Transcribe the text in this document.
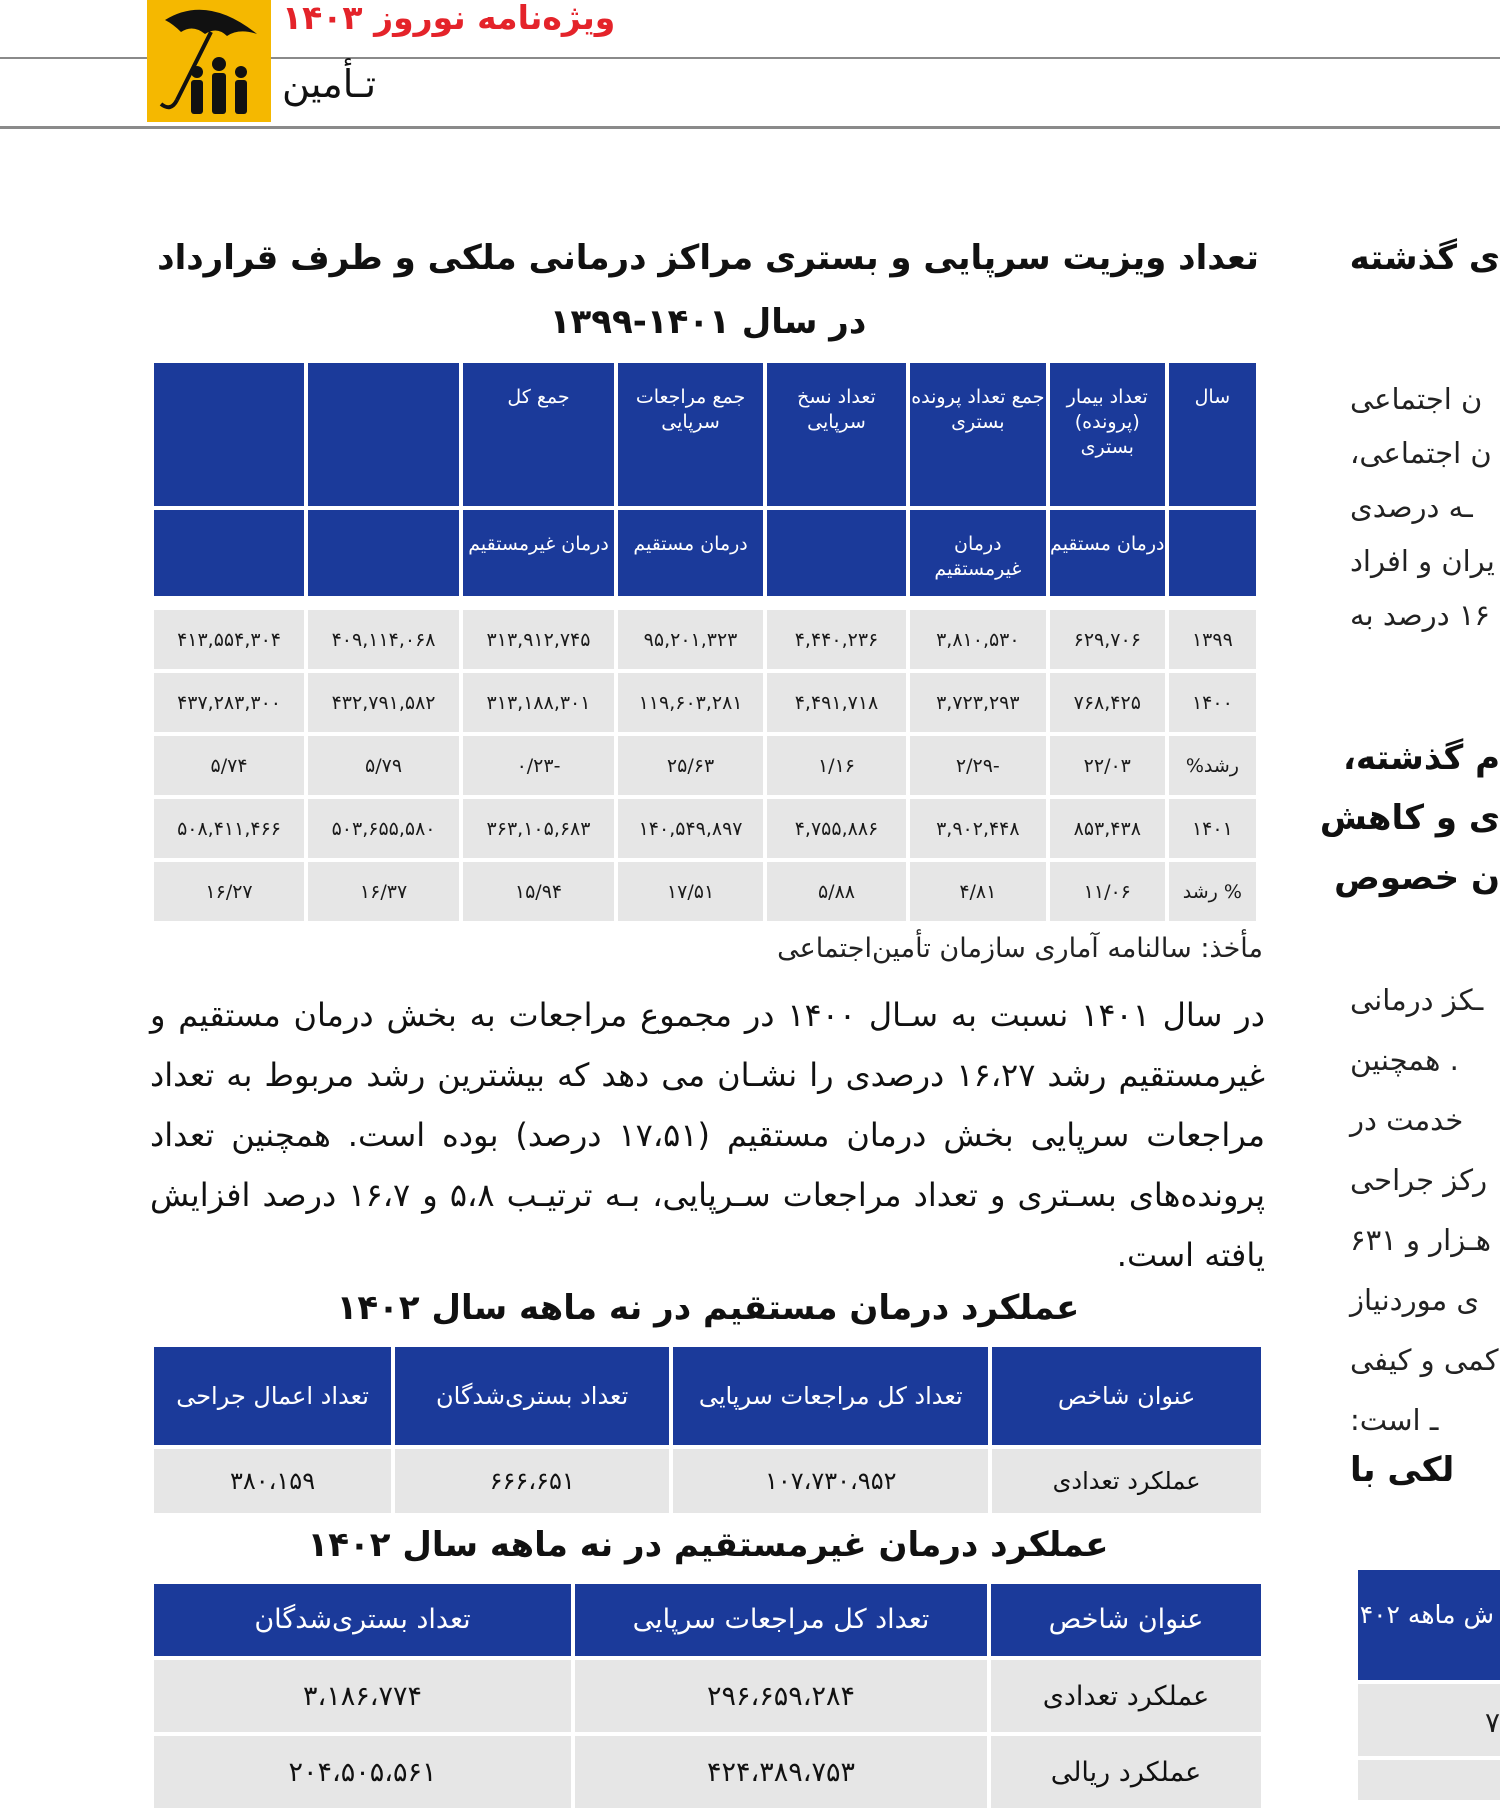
ویژه‌نامه نوروز ۱۴۰۳
تـأمین
ی گذشته
ن اجتماعی
ن اجتماعی،
ـه درصدی
یران و افراد
۱۶ درصد به
م گذشته،
ی و کاهش
ن خصوص
ـکز درمانی
. همچنین
خدمت در
رکز جراحی
هـزار و ۶۳۱
ی موردنیاز
کمی و کیفی
ـ است:
لکی با
ش ماهه ۱۴۰۲
۷
تعداد ویزیت سرپایی و بستری مراکز درمانی ملکی و طرف قرارداد
در سال ۱۴۰۱-۱۳۹۹
سال	تعداد بیمار (پرونده) بستری	جمع تعداد پرونده بستری	تعداد نسخ سرپایی	جمع مراجعات سرپایی	جمع کل		
	درمان مستقیم	درمان غیرمستقیم		درمان مستقیم	درمان غیرمستقیم		

۱۳۹۹	۶۲۹,۷۰۶	۳,۸۱۰,۵۳۰	۴,۴۴۰,۲۳۶	۹۵,۲۰۱,۳۲۳	۳۱۳,۹۱۲,۷۴۵	۴۰۹,۱۱۴,۰۶۸	۴۱۳,۵۵۴,۳۰۴
۱۴۰۰	۷۶۸,۴۲۵	۳,۷۲۳,۲۹۳	۴,۴۹۱,۷۱۸	۱۱۹,۶۰۳,۲۸۱	۳۱۳,۱۸۸,۳۰۱	۴۳۲,۷۹۱,۵۸۲	۴۳۷,۲۸۳,۳۰۰
رشد%	۲۲/۰۳	-۲/۲۹	۱/۱۶	۲۵/۶۳	-۰/۲۳	۵/۷۹	۵/۷۴
۱۴۰۱	۸۵۳,۴۳۸	۳,۹۰۲,۴۴۸	۴,۷۵۵,۸۸۶	۱۴۰,۵۴۹,۸۹۷	۳۶۳,۱۰۵,۶۸۳	۵۰۳,۶۵۵,۵۸۰	۵۰۸,۴۱۱,۴۶۶
% رشد	۱۱/۰۶	۴/۸۱	۵/۸۸	۱۷/۵۱	۱۵/۹۴	۱۶/۳۷	۱۶/۲۷
مأخذ: سالنامه آماری سازمان تأمین‌اجتماعی
در سال ۱۴۰۱ نسبت به سـال ۱۴۰۰ در مجموع مراجعات به بخش درمان مستقیم و غیرمستقیم رشد ۱۶،۲۷ درصدی را نشـان می دهد که بیشترین رشد مربوط به تعداد مراجعات سرپایی بخش درمان مستقیم (۱۷،۵۱ درصد) بوده است. همچنین تعداد پرونده‌های بسـتری و تعداد مراجعات سـرپایی، بـه ترتیـب ۵،۸ و ۱۶،۷ درصد افزایش یافته است.
عملکرد درمان مستقیم در نه ماهه سال ۱۴۰۲
عنوان شاخص	تعداد کل مراجعات سرپایی	تعداد بستری‌شدگان	تعداد اعمال جراحی
عملکرد تعدادی	۱۰۷،۷۳۰،۹۵۲	۶۶۶،۶۵۱	۳۸۰،۱۵۹
عملکرد درمان غیرمستقیم در نه ماهه سال ۱۴۰۲
عنوان شاخص	تعداد کل مراجعات سرپایی	تعداد بستری‌شدگان
عملکرد تعدادی	۲۹۶،۶۵۹،۲۸۴	۳،۱۸۶،۷۷۴
عملکرد ریالی	۴۲۴،۳۸۹،۷۵۳	۲۰۴،۵۰۵،۵۶۱
